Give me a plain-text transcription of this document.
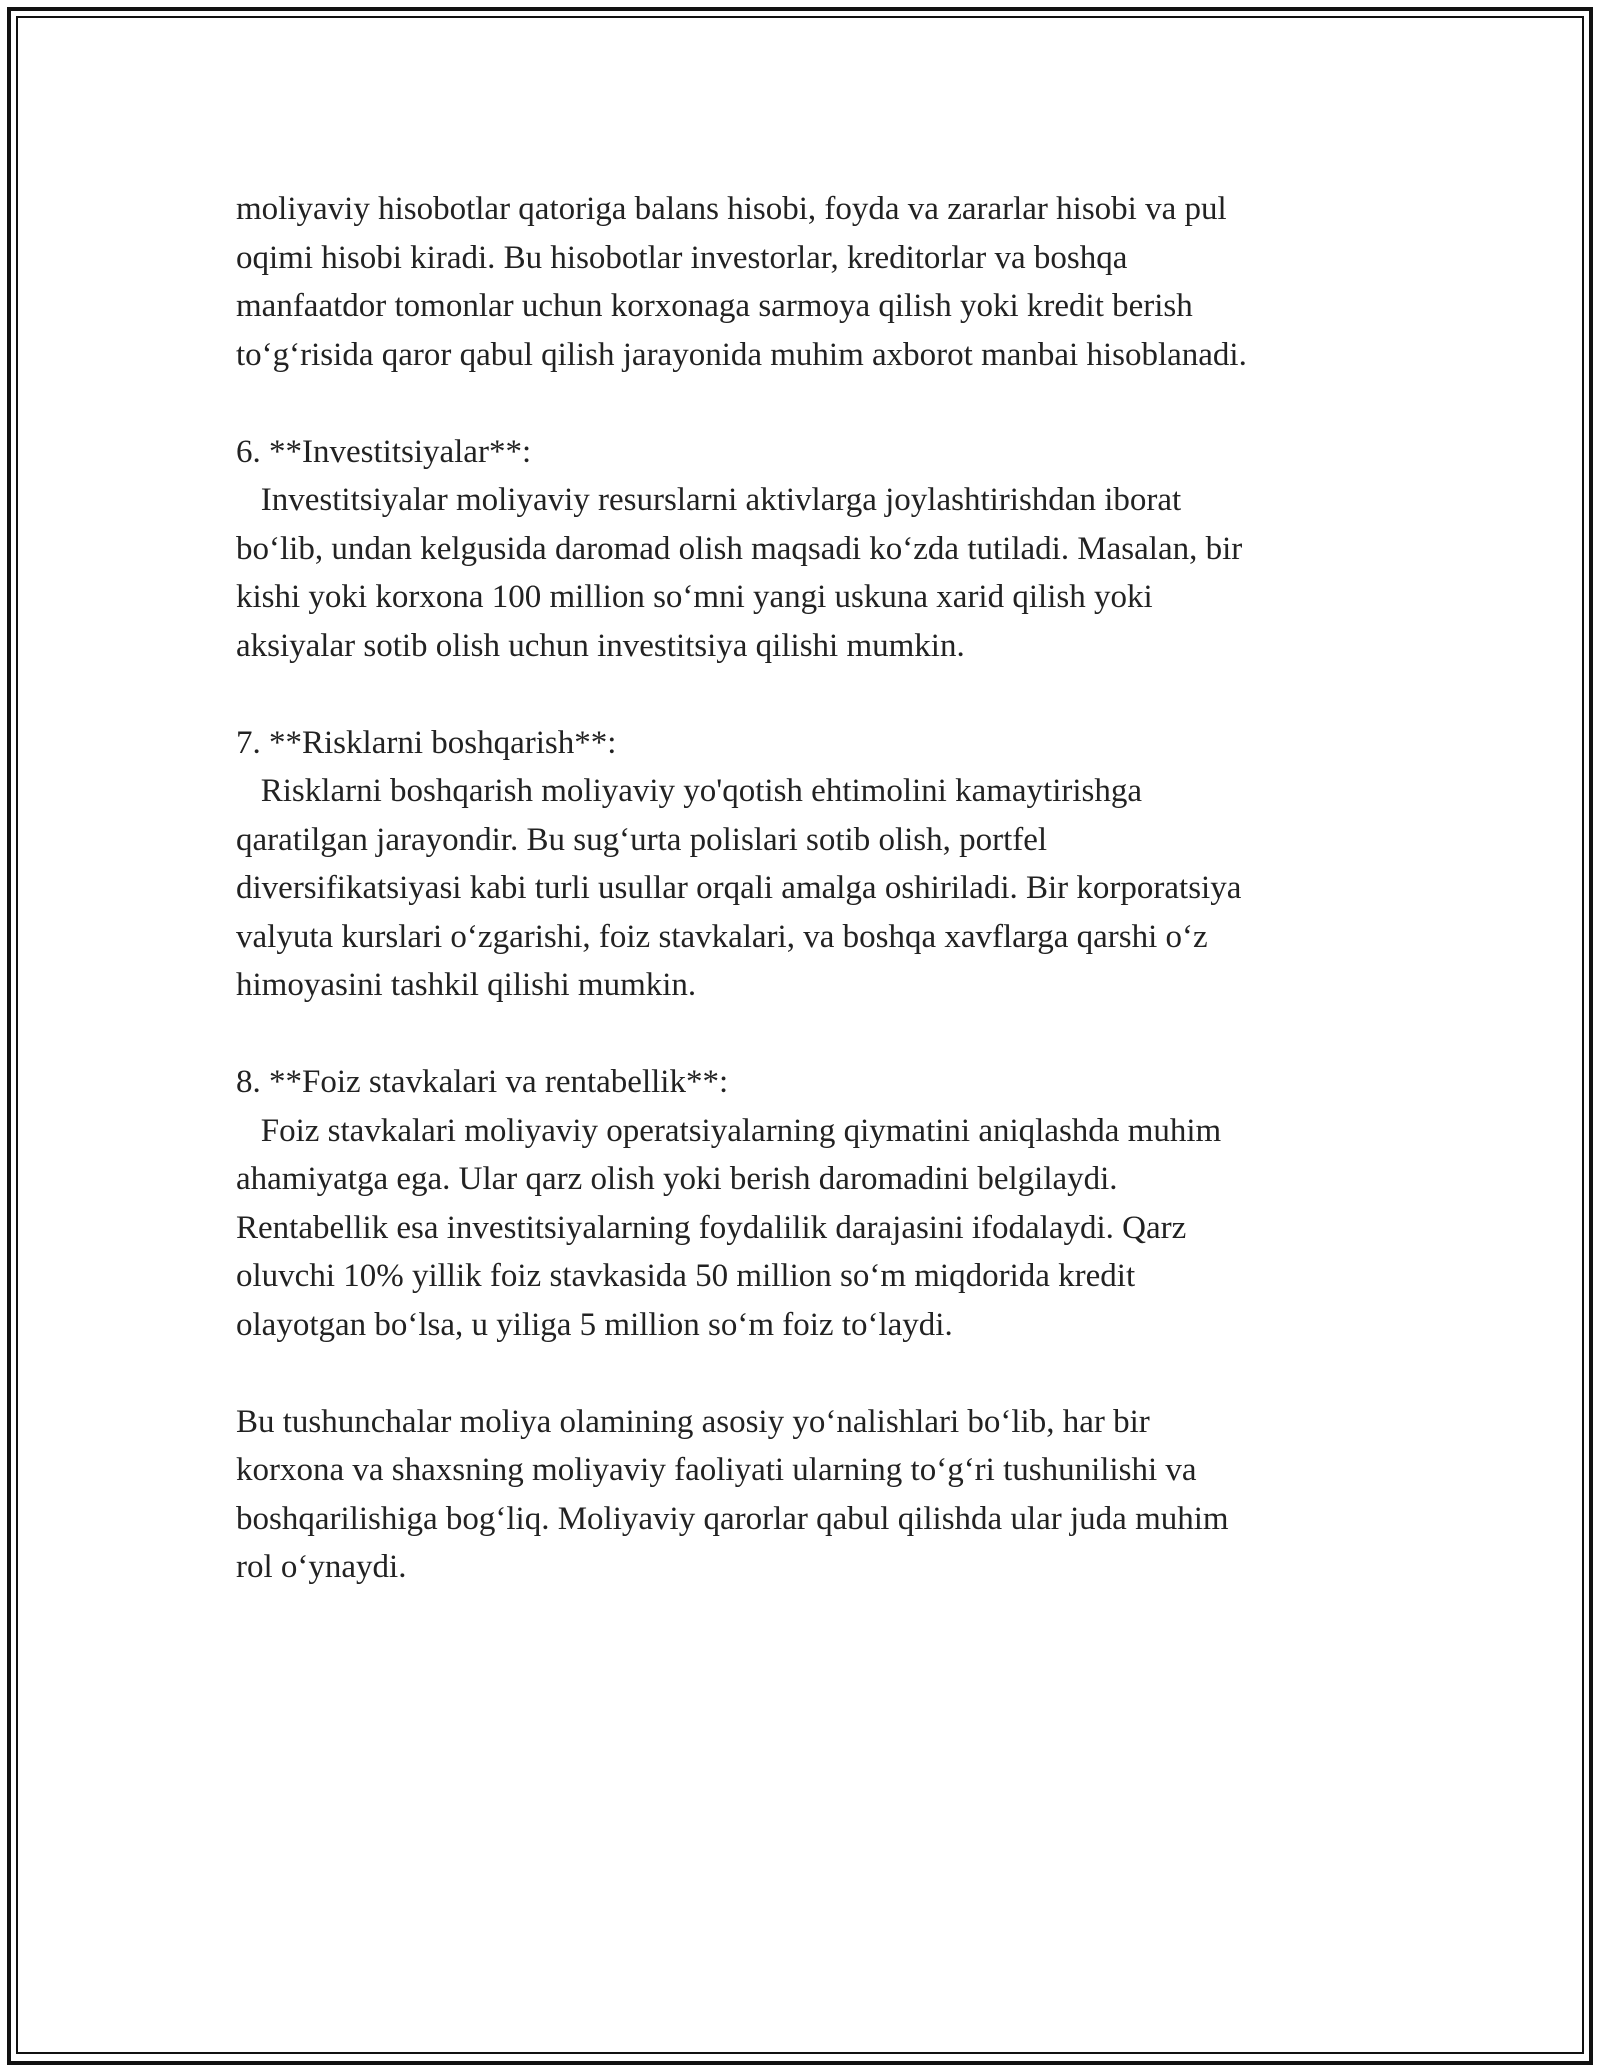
moliyaviy hisobotlar qatoriga balans hisobi, foyda va zararlar hisobi va pul
oqimi hisobi kiradi. Bu hisobotlar investorlar, kreditorlar va boshqa
manfaatdor tomonlar uchun korxonaga sarmoya qilish yoki kredit berish
to‘g‘risida qaror qabul qilish jarayonida muhim axborot manbai hisoblanadi.
6. **Investitsiyalar**:
Investitsiyalar moliyaviy resurslarni aktivlarga joylashtirishdan iborat
bo‘lib, undan kelgusida daromad olish maqsadi ko‘zda tutiladi. Masalan, bir
kishi yoki korxona 100 million so‘mni yangi uskuna xarid qilish yoki
aksiyalar sotib olish uchun investitsiya qilishi mumkin.
7. **Risklarni boshqarish**:
Risklarni boshqarish moliyaviy yo'qotish ehtimolini kamaytirishga
qaratilgan jarayondir. Bu sug‘urta polislari sotib olish, portfel
diversifikatsiyasi kabi turli usullar orqali amalga oshiriladi. Bir korporatsiya
valyuta kurslari o‘zgarishi, foiz stavkalari, va boshqa xavflarga qarshi o‘z
himoyasini tashkil qilishi mumkin.
8. **Foiz stavkalari va rentabellik**:
Foiz stavkalari moliyaviy operatsiyalarning qiymatini aniqlashda muhim
ahamiyatga ega. Ular qarz olish yoki berish daromadini belgilaydi.
Rentabellik esa investitsiyalarning foydalilik darajasini ifodalaydi. Qarz
oluvchi 10% yillik foiz stavkasida 50 million so‘m miqdorida kredit
olayotgan bo‘lsa, u yiliga 5 million so‘m foiz to‘laydi.
Bu tushunchalar moliya olamining asosiy yo‘nalishlari bo‘lib, har bir
korxona va shaxsning moliyaviy faoliyati ularning to‘g‘ri tushunilishi va
boshqarilishiga bog‘liq. Moliyaviy qarorlar qabul qilishda ular juda muhim
rol o‘ynaydi.
